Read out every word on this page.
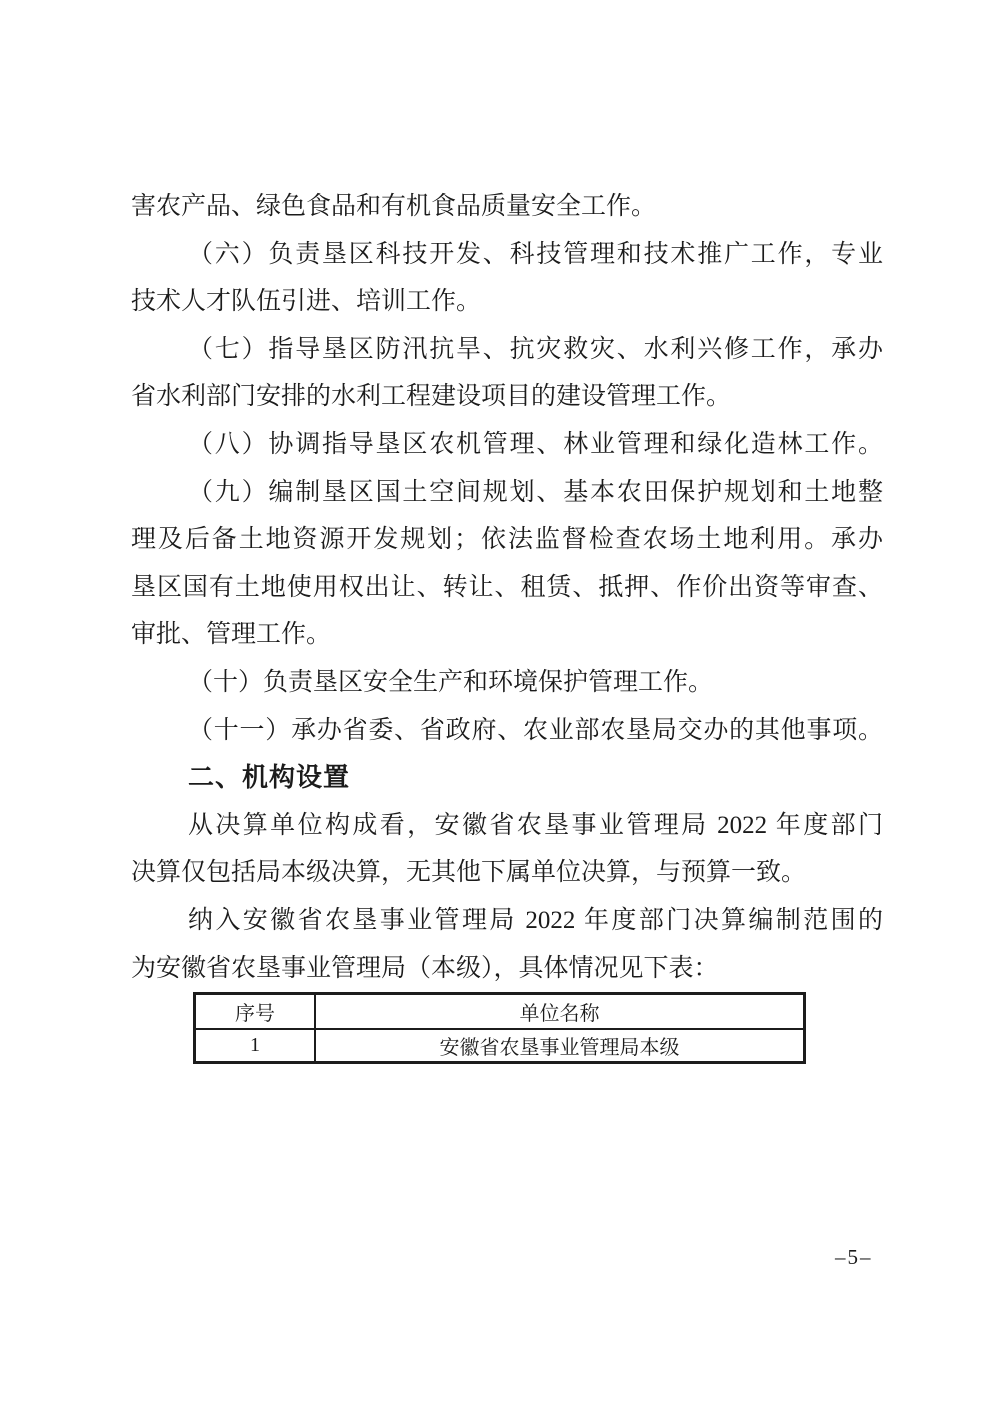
害农产品、绿色食品和有机食品质量安全工作。
（六）负责垦区科技开发、科技管理和技术推广工作，专业
技术人才队伍引进、培训工作。
（七）指导垦区防汛抗旱、抗灾救灾、水利兴修工作，承办
省水利部门安排的水利工程建设项目的建设管理工作。
（八）协调指导垦区农机管理、林业管理和绿化造林工作。
（九）编制垦区国土空间规划、基本农田保护规划和土地整
理及后备土地资源开发规划；依法监督检查农场土地利用。承办
垦区国有土地使用权出让、转让、租赁、抵押、作价出资等审查、
审批、管理工作。
（十）负责垦区安全生产和环境保护管理工作。
（十一）承办省委、省政府、农业部农垦局交办的其他事项。
二、机构设置
从决算单位构成看，安徽省农垦事业管理局 2022 年度部门
决算仅包括局本级决算，无其他下属单位决算，与预算一致。
纳入安徽省农垦事业管理局 2022 年度部门决算编制范围的
为安徽省农垦事业管理局（本级），具体情况见下表：
序号	单位名称
1	安徽省农垦事业管理局本级
–5–
